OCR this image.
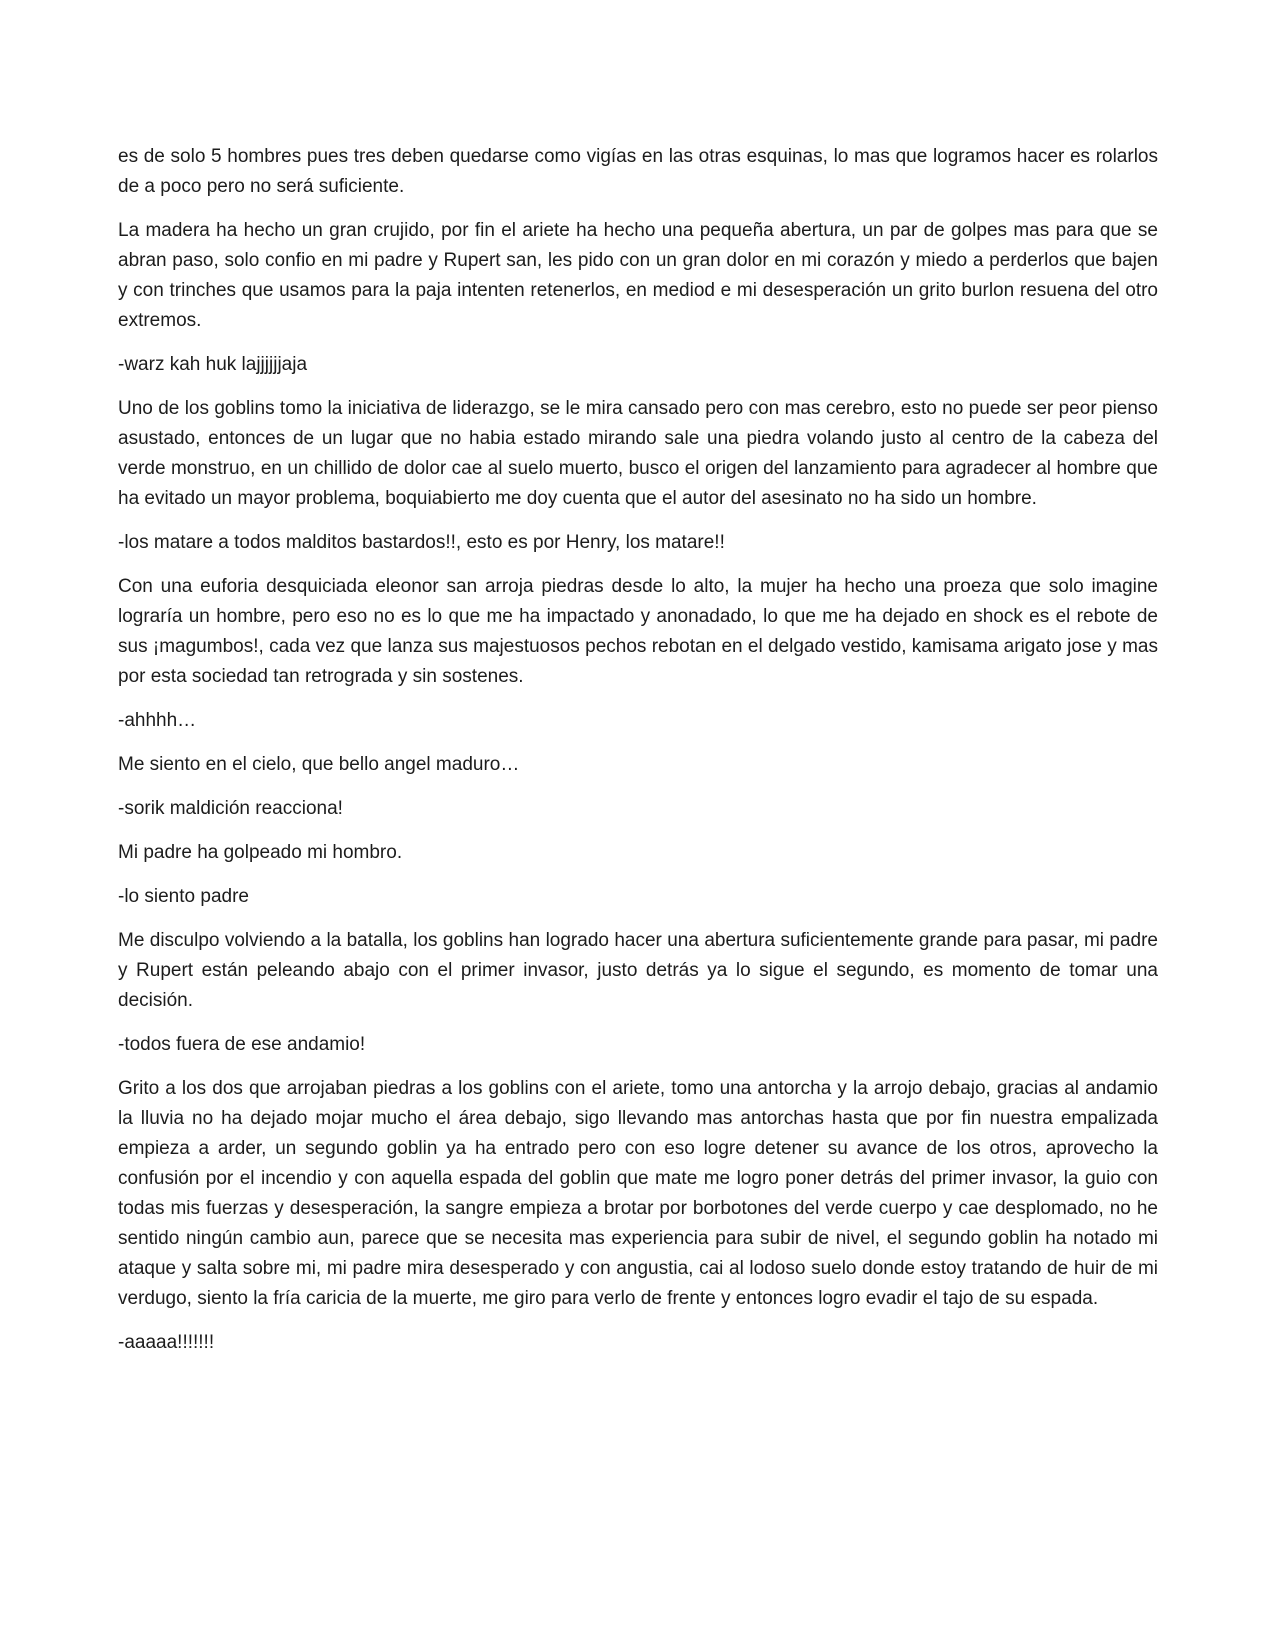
es de solo 5 hombres pues tres deben quedarse como vigías en las otras esquinas, lo mas que logramos hacer es rolarlos de a poco pero no será suficiente.

La madera ha hecho un gran crujido, por fin el ariete ha hecho una pequeña abertura, un par de golpes mas para que se abran paso, solo confio en mi padre y Rupert san, les pido con un gran dolor en mi corazón y miedo a perderlos que bajen y con trinches que usamos para la paja intenten retenerlos, en mediod e mi desesperación un grito burlon resuena del otro extremos.

-warz kah huk lajjjjjjaja

Uno de los goblins tomo la iniciativa de liderazgo, se le mira cansado pero con mas cerebro, esto no puede ser peor pienso asustado, entonces de un lugar que no habia estado mirando sale una piedra volando justo al centro de la cabeza del verde monstruo, en un chillido de dolor cae al suelo muerto, busco el origen del lanzamiento para agradecer al hombre que ha evitado un mayor problema, boquiabierto me doy cuenta que el autor del asesinato no ha sido un hombre.

-los matare a todos malditos bastardos!!, esto es por Henry, los matare!!

Con una euforia desquiciada eleonor san arroja piedras desde lo alto, la mujer ha hecho una proeza que solo imagine lograría un hombre, pero eso no es lo que me ha impactado y anonadado, lo que me ha dejado en shock es el rebote de sus ¡magumbos!, cada vez que lanza sus majestuosos pechos rebotan en el delgado vestido, kamisama arigato jose y mas por esta sociedad tan retrograda y sin sostenes.

-ahhhh…

Me siento en el cielo, que bello angel maduro…

-sorik maldición reacciona!

Mi padre ha golpeado mi hombro.

-lo siento padre

Me disculpo volviendo a la batalla, los goblins han logrado hacer una abertura suficientemente grande para pasar, mi padre y Rupert están peleando abajo con el primer invasor, justo detrás ya lo sigue el segundo, es momento de tomar una decisión.

-todos fuera de ese andamio!

Grito a los dos que arrojaban piedras a los goblins con el ariete, tomo una antorcha y la arrojo debajo, gracias al andamio la lluvia no ha dejado mojar mucho el área debajo, sigo llevando mas antorchas hasta que por fin nuestra empalizada empieza a arder, un segundo goblin ya ha entrado pero con eso logre detener su avance de los otros, aprovecho la confusión por el incendio y con aquella espada del goblin que mate me logro poner detrás del primer invasor, la guio con todas mis fuerzas y desesperación, la sangre empieza a brotar por borbotones del verde cuerpo y cae desplomado, no he sentido ningún cambio aun, parece que se necesita mas experiencia para subir de nivel, el segundo goblin ha notado mi ataque y salta sobre mi, mi padre mira desesperado y con angustia, cai al lodoso suelo donde estoy tratando de huir de mi verdugo, siento la fría caricia de la muerte, me giro para verlo de frente y entonces logro evadir el tajo de su espada.

-aaaaa!!!!!!!
